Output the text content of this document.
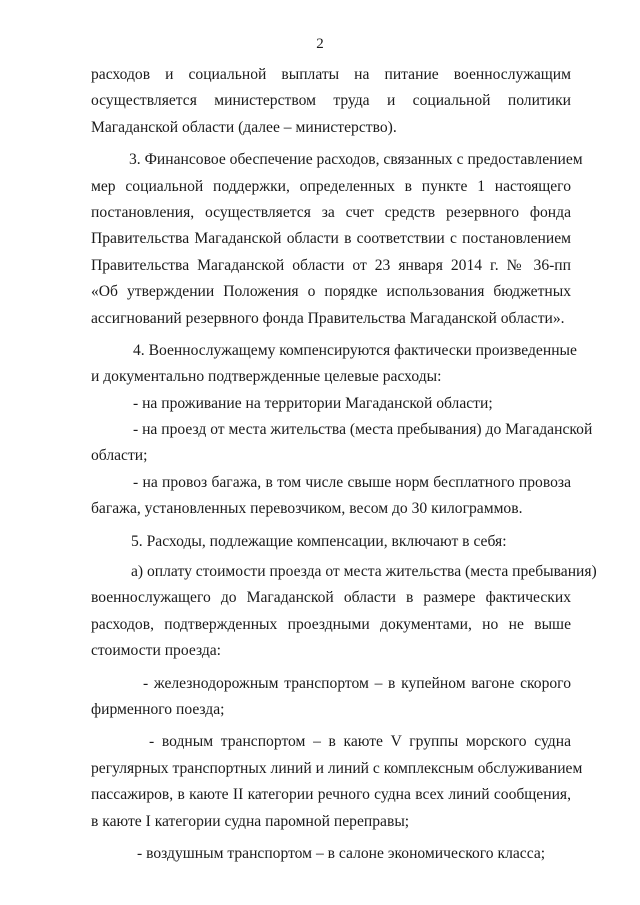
2
расходов и социальной выплаты на питание военнослужащим
осуществляется министерством труда и социальной политики
Магаданской области (далее – министерство).
3. Финансовое обеспечение расходов, связанных с предоставлением
мер социальной поддержки, определенных в пункте 1 настоящего
постановления, осуществляется за счет средств резервного фонда
Правительства Магаданской области в соответствии с постановлением
Правительства Магаданской области от 23 января 2014 г. № 36-пп
«Об утверждении Положения о порядке использования бюджетных
ассигнований резервного фонда Правительства Магаданской области».
4. Военнослужащему компенсируются фактически произведенные
и документально подтвержденные целевые расходы:
- на проживание на территории Магаданской области;
- на проезд от места жительства (места пребывания) до Магаданской
области;
- на провоз багажа, в том числе свыше норм бесплатного провоза
багажа, установленных перевозчиком, весом до 30 килограммов.
5. Расходы, подлежащие компенсации, включают в себя:
а) оплату стоимости проезда от места жительства (места пребывания)
военнослужащего до Магаданской области в размере фактических
расходов, подтвержденных проездными документами, но не выше
стоимости проезда:
- железнодорожным транспортом – в купейном вагоне скорого
фирменного поезда;
- водным транспортом – в каюте V группы морского судна
регулярных транспортных линий и линий с комплексным обслуживанием
пассажиров, в каюте II категории речного судна всех линий сообщения,
в каюте I категории судна паромной переправы;
- воздушным транспортом – в салоне экономического класса;
